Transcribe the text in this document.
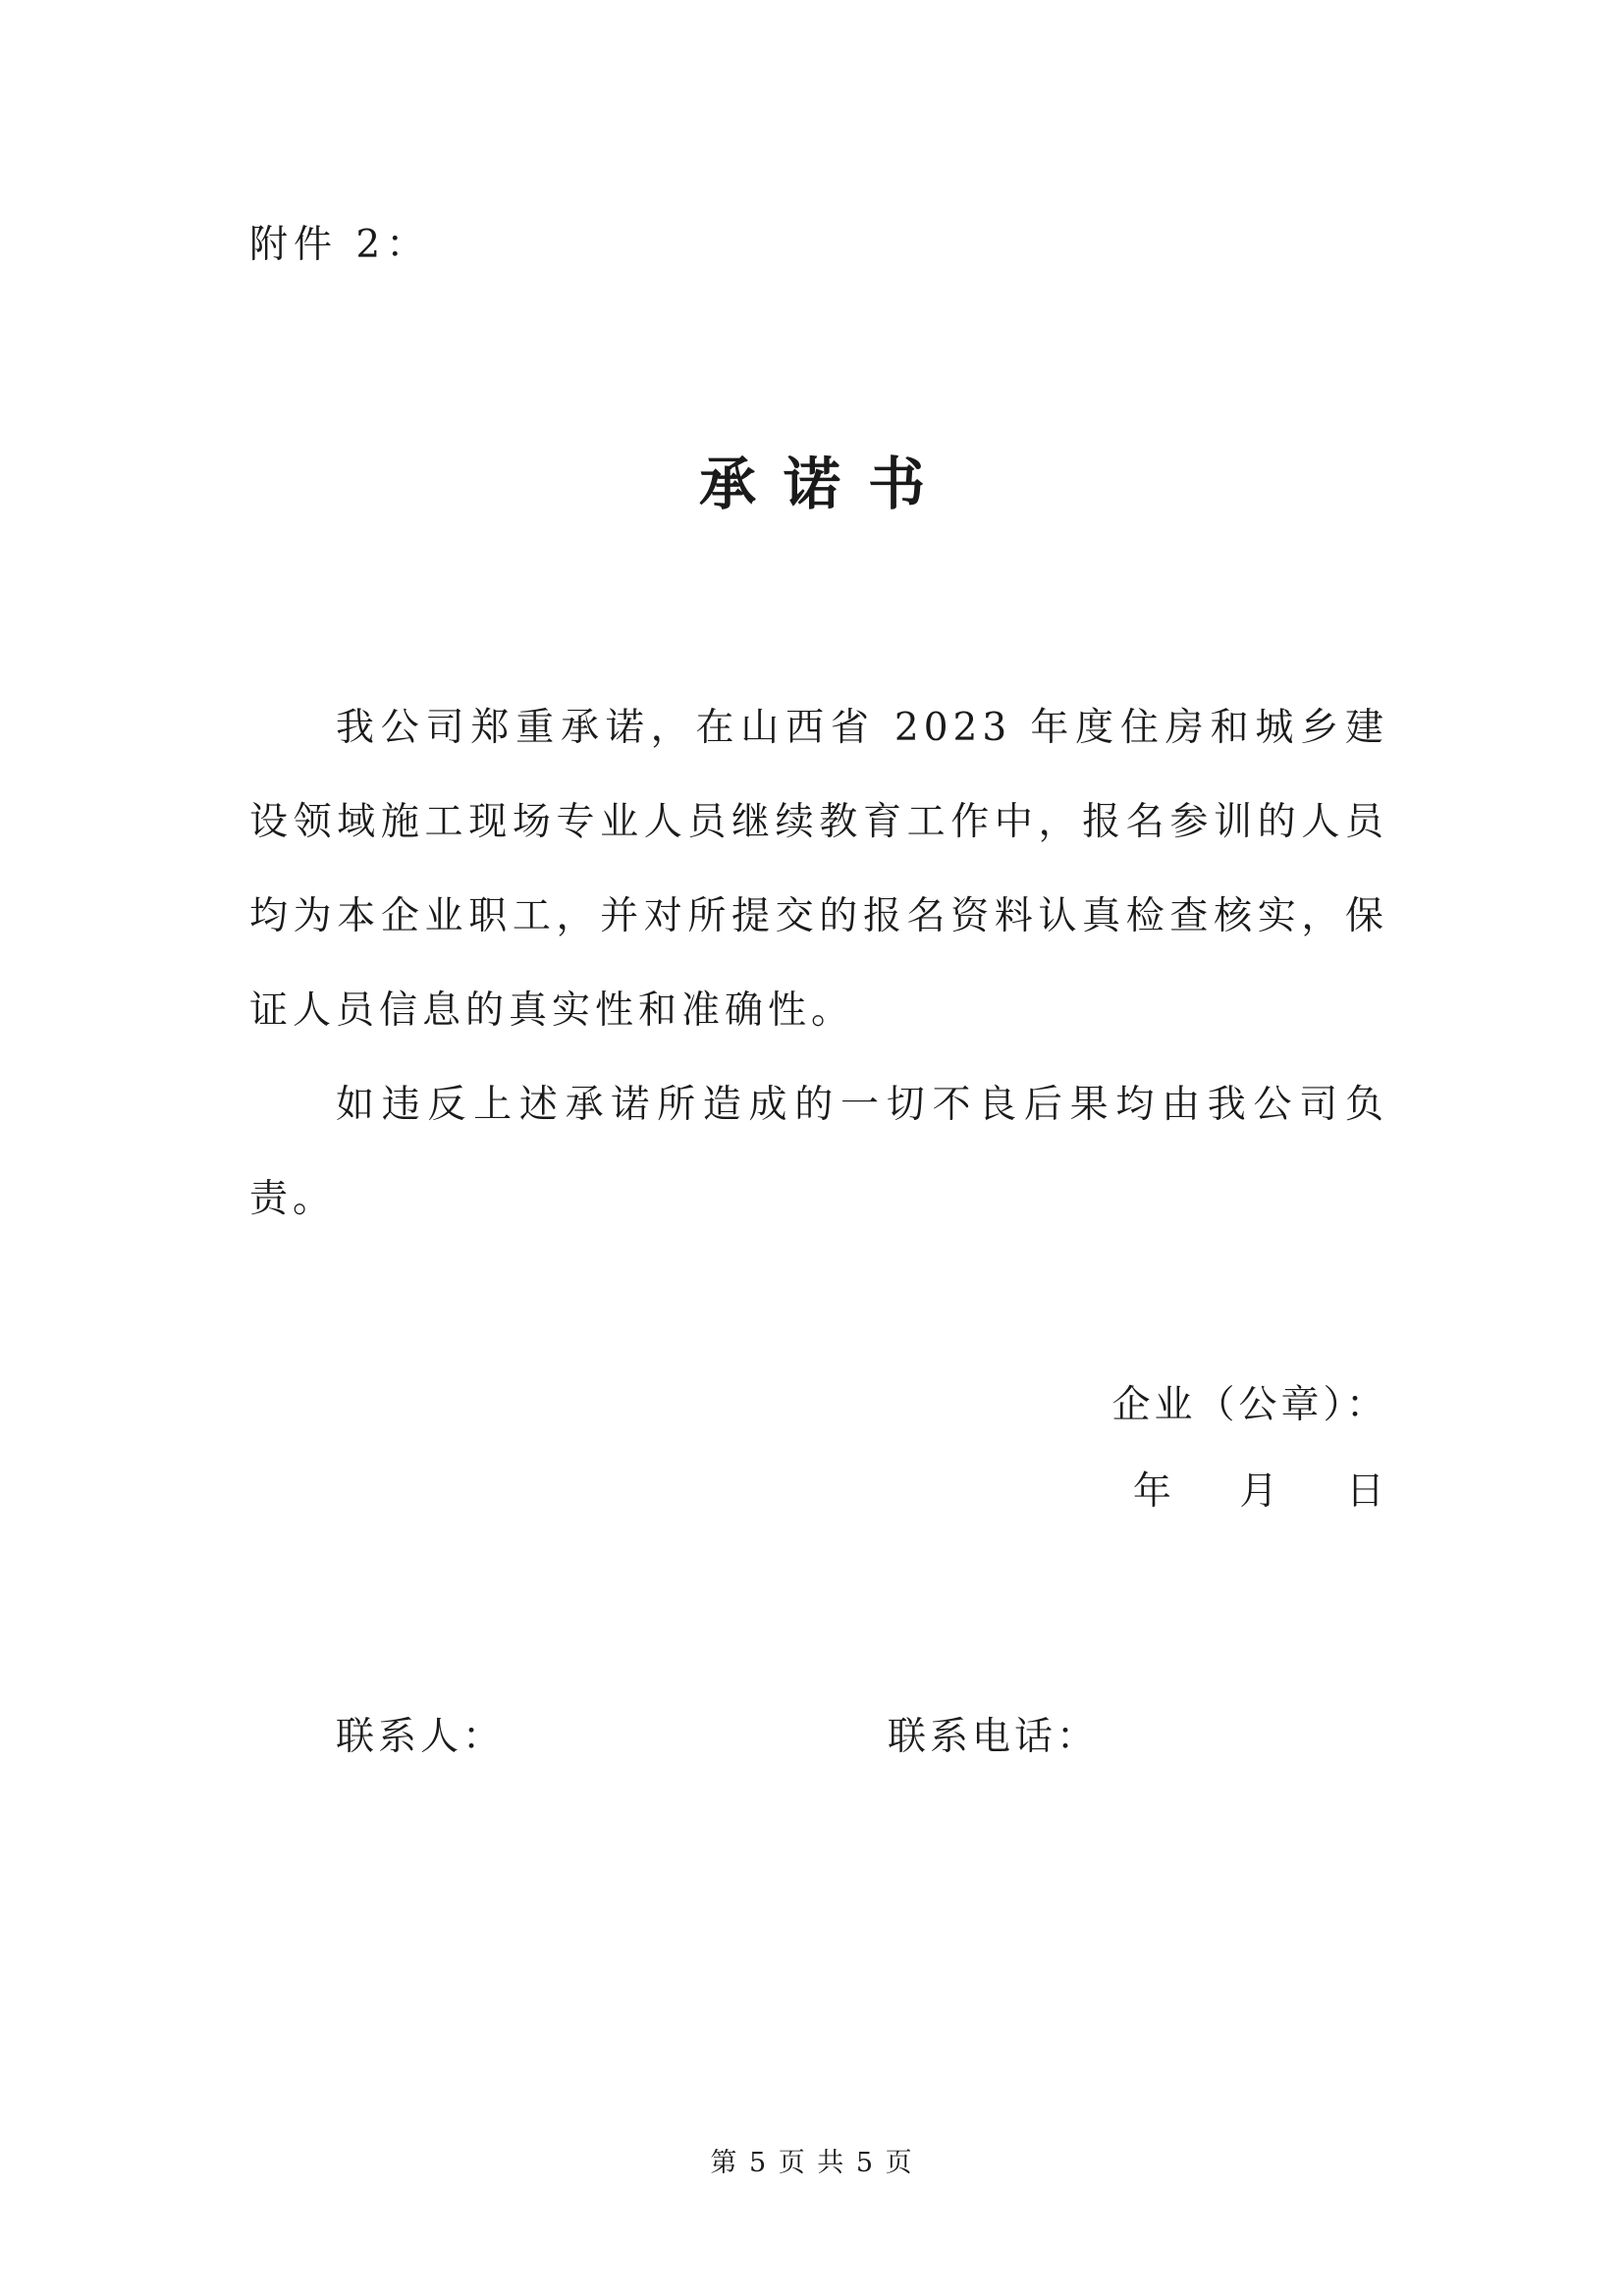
附件 2：
承 诺 书

我公司郑重承诺，在山西省 2023 年度住房和城乡建设领域施工现场专业人员继续教育工作中，报名参训的人员均为本企业职工，并对所提交的报名资料认真检查核实，保证人员信息的真实性和准确性。

如违反上述承诺所造成的一切不良后果均由我公司负责。

企业（公章）：
年    月    日
联系人：	联系电话：
第 5 页 共 5 页
